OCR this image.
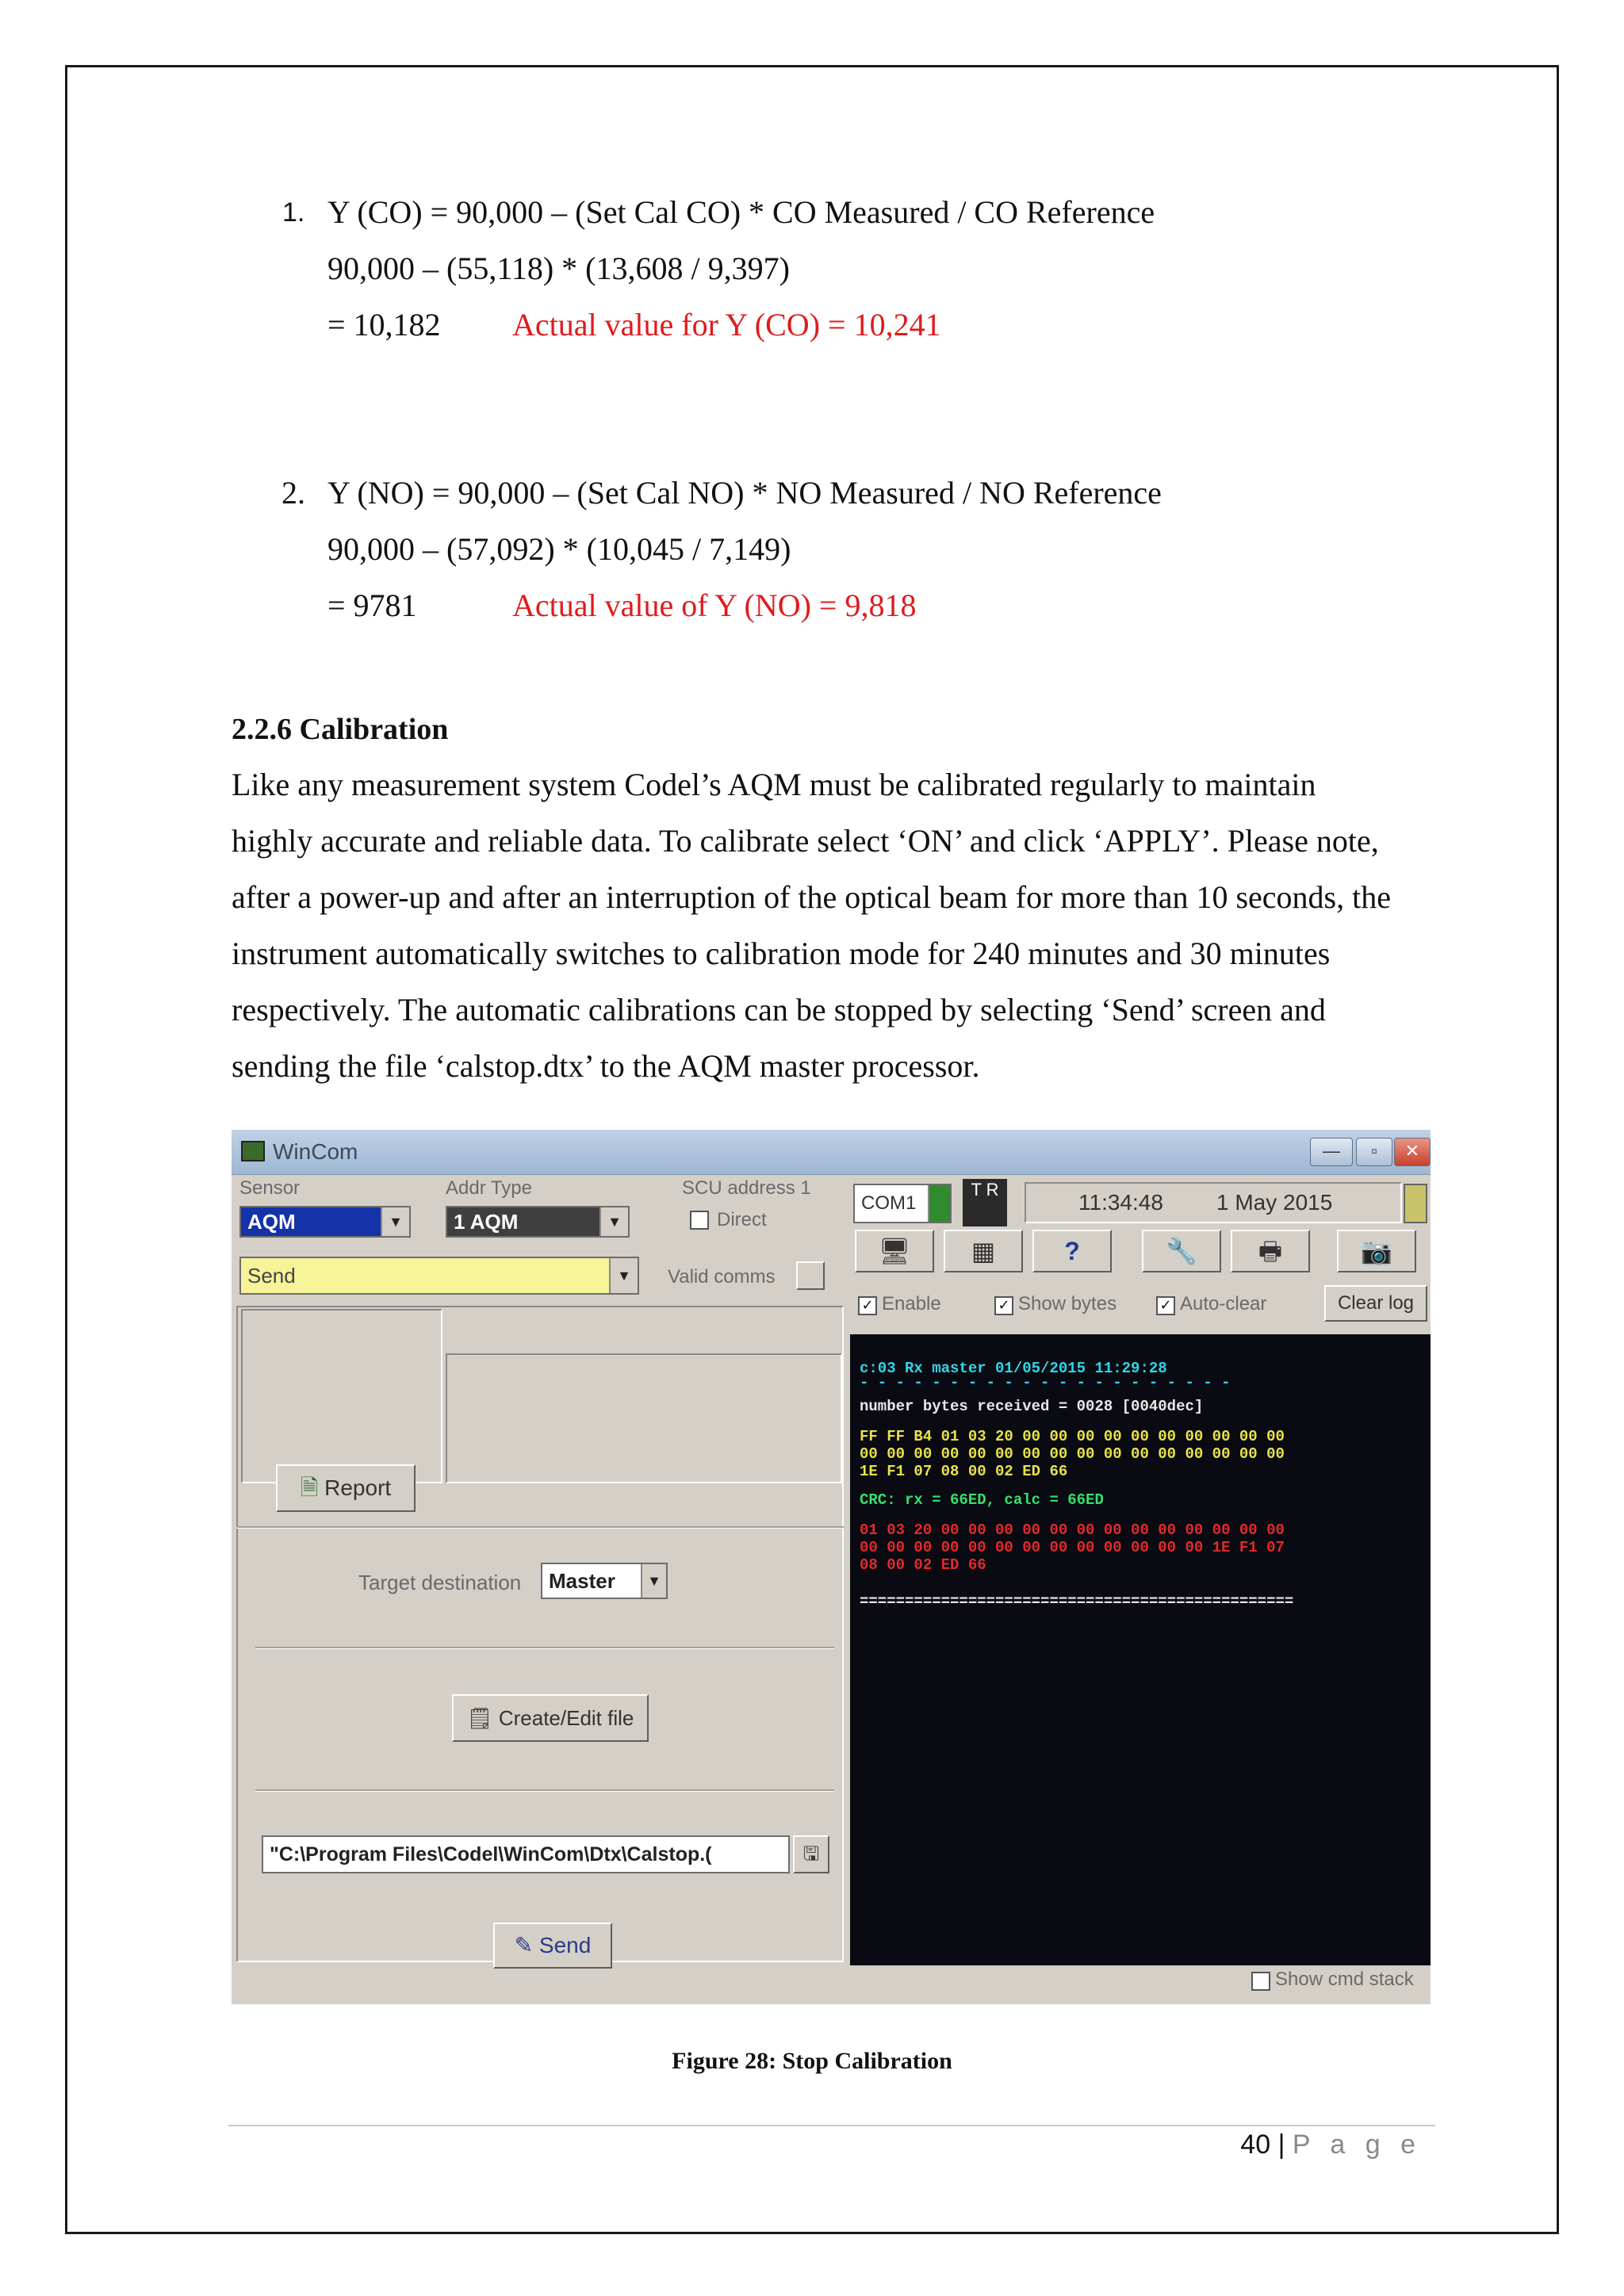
1. Y (CO) = 90,000 – (Set Cal CO) * CO Measured / CO Reference
90,000 – (55,118) * (13,608 / 9,397)
= 10,182 Actual value for Y (CO) = 10,241
2. Y (NO) = 90,000 – (Set Cal NO) * NO Measured / NO Reference
90,000 – (57,092) * (10,045 / 7,149)
= 9781	Actual value of Y (NO) = 9,818
2.2.6 Calibration
Like any measurement system Codel’s AQM must be calibrated regularly to maintain
highly accurate and reliable data. To calibrate select ‘ON’ and click ‘APPLY’. Please note,
after a power-up and after an interruption of the optical beam for more than 10 seconds, the
instrument automatically switches to calibration mode for 240 minutes and 30 minutes
respectively. The automatic calibrations can be stopped by selecting ‘Send’ screen and
sending the file ‘calstop.dtx’ to the AQM master processor.
WinCom	—	▫	✕
Sensor
AQM	▼
Addr Type
1 AQM	▼
SCU address 1
Direct
Send	▼	Valid comms
COM1
T R
11:34:48 1 May 2015
🖥	▦	?	🔧	🖶	📷
✓ Enable	✓ Show bytes	✓ Auto-clear	Clear log
🗎 Report
Target destination	Master	▼
🗒 Create/Edit file
"C:\Program Files\Codel\WinCom\Dtx\Calstop.(	🖫
✎ Send
c:03 Rx master 01/05/2015 11:29:28
- - - - - - - - - - - - - - - - - - - - -
number bytes received = 0028 [0040dec]
FF FF B4 01 03 20 00 00 00 00 00 00 00 00 00 00
00 00 00 00 00 00 00 00 00 00 00 00 00 00 00 00
1E F1 07 08 00 02 ED 66
CRC: rx = 66ED, calc = 66ED
01 03 20 00 00 00 00 00 00 00 00 00 00 00 00 00
00 00 00 00 00 00 00 00 00 00 00 00 00 1E F1 07
08 00 02 ED 66
================================================
Show cmd stack
Figure 28: Stop Calibration
40 | P a g e
